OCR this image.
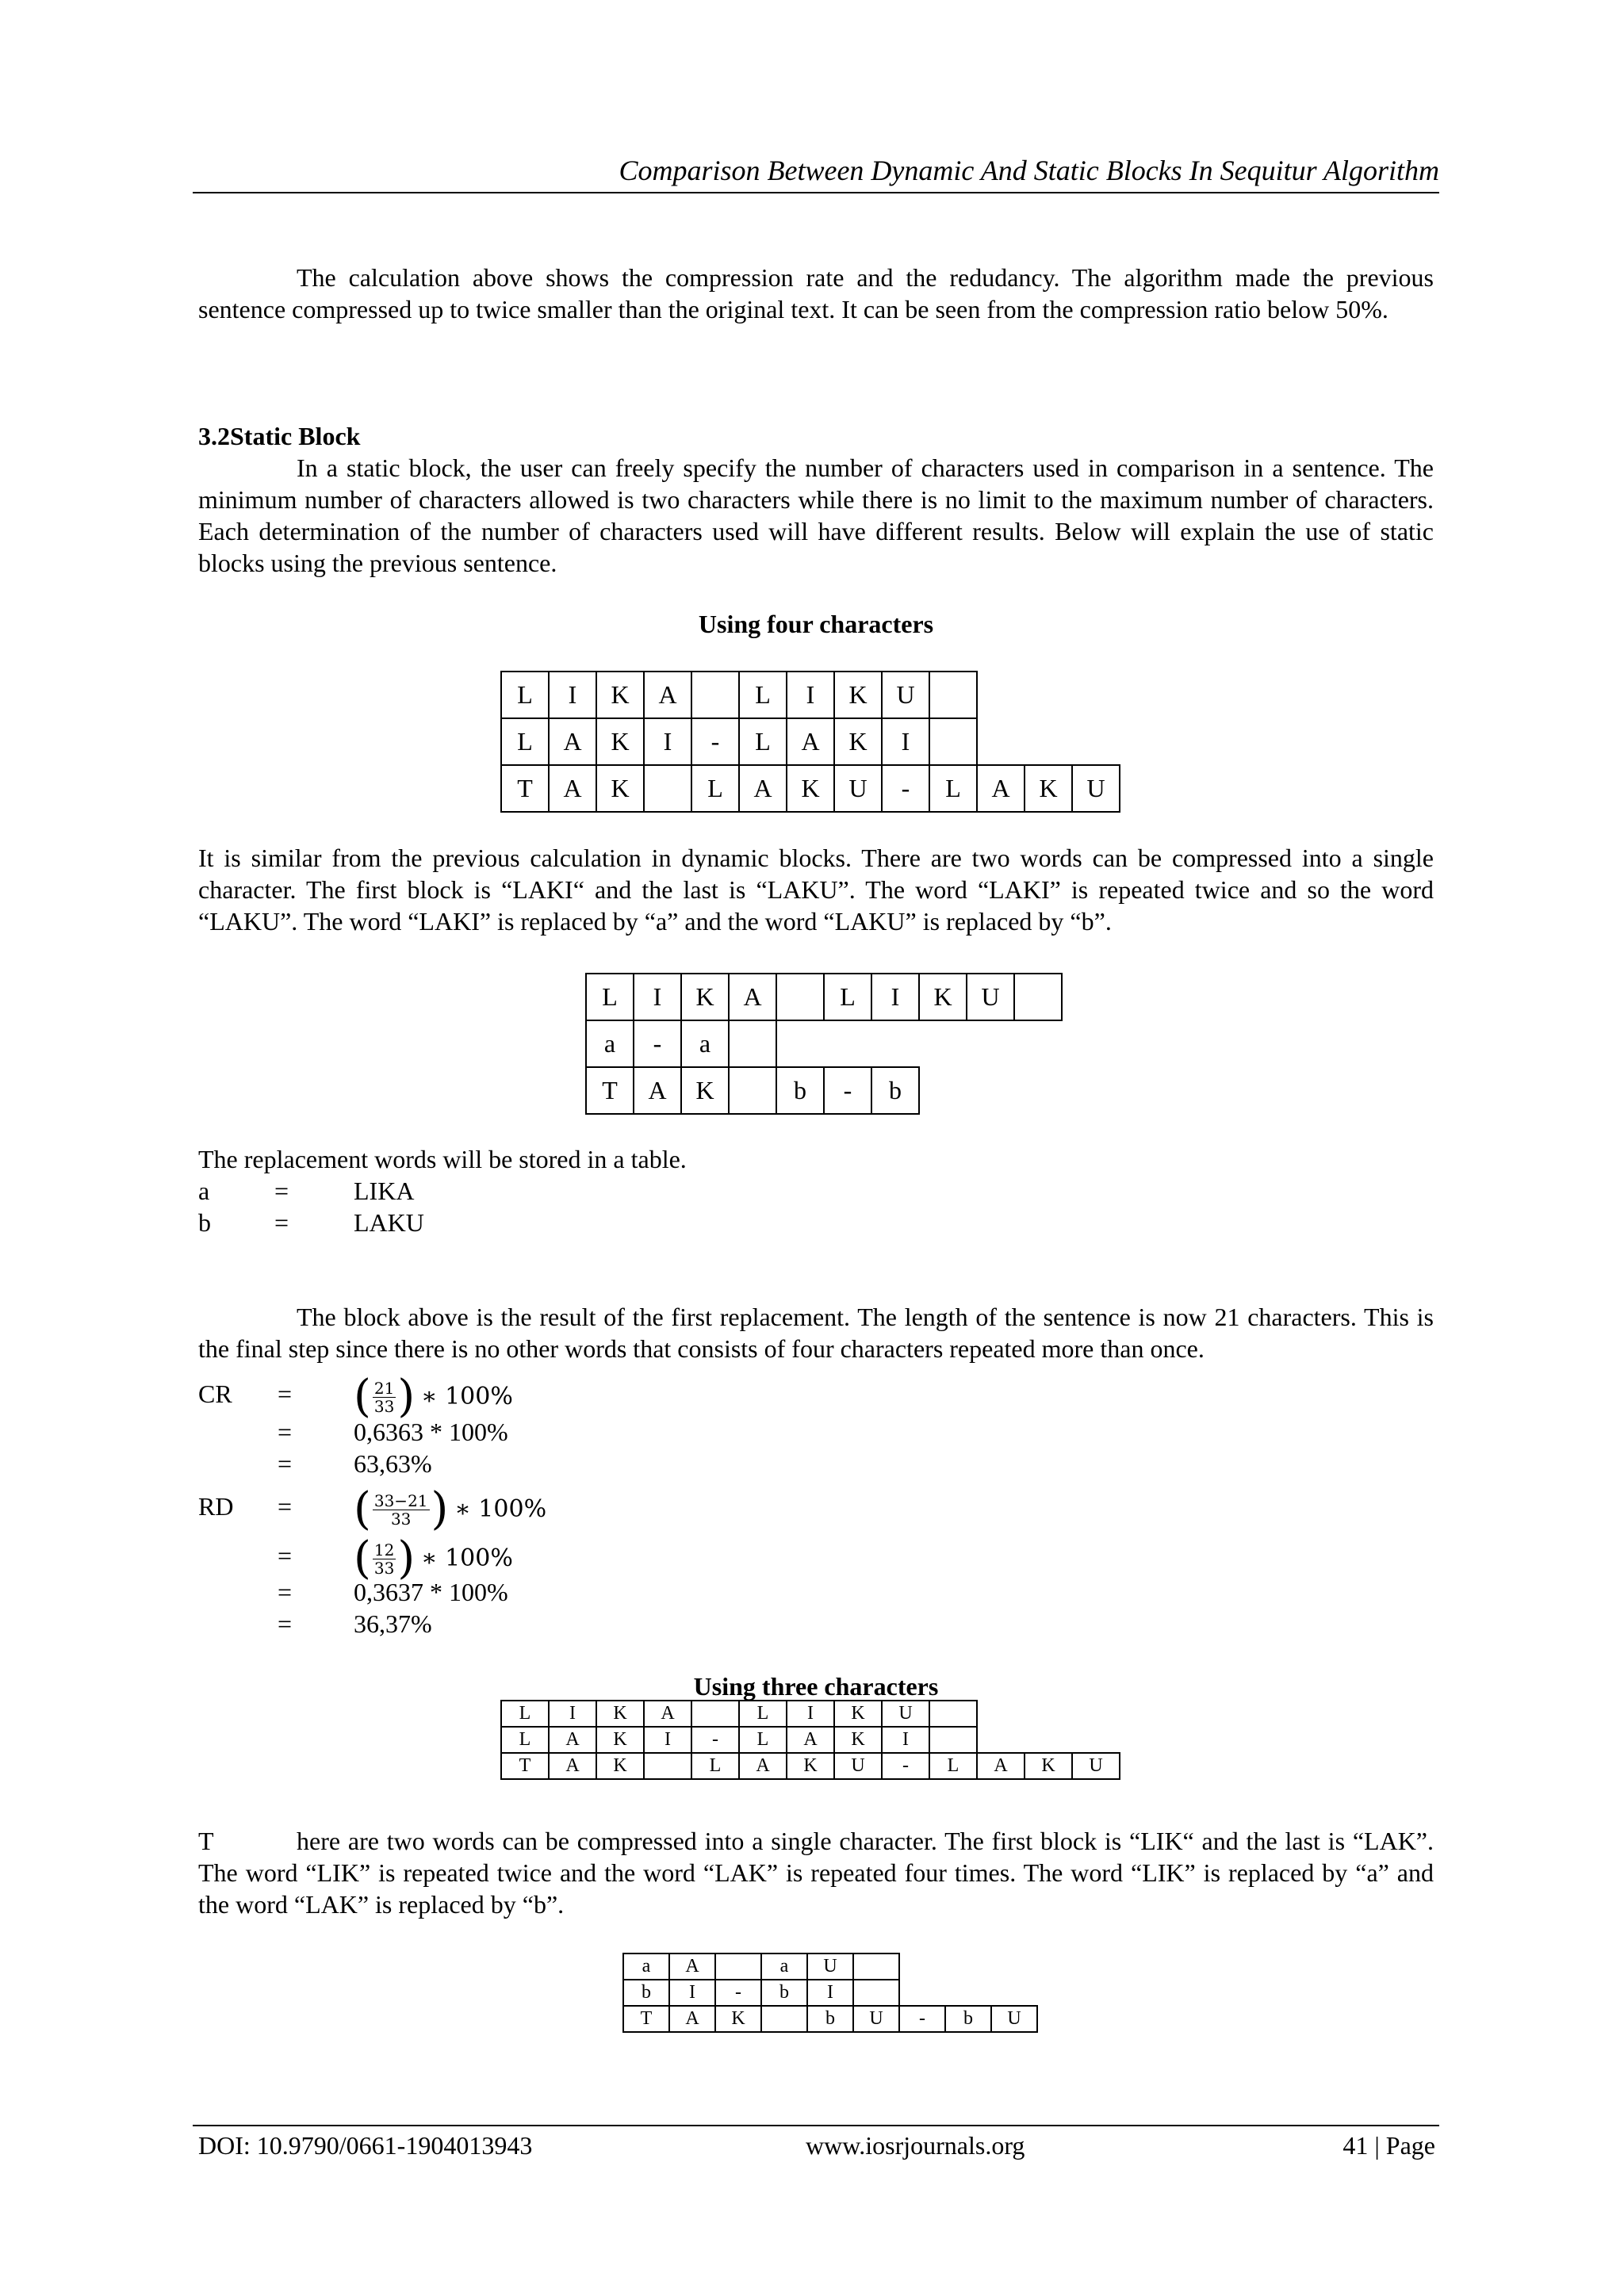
Comparison Between Dynamic And Static Blocks In Sequitur Algorithm

The calculation above shows the compression rate and the redudancy. The algorithm made the previous sentence compressed up to twice smaller than the original text. It can be seen from the compression ratio below 50%.

3.2Static Block

In a static block, the user can freely specify the number of characters used in comparison in a sentence. The minimum number of characters allowed is two characters while there is no limit to the maximum number of characters. Each determination of the number of characters used will have different results. Below will explain the use of static blocks using the previous sentence.

Using four characters
L	I	K	A		L	I	K	U				
L	A	K	I	-	L	A	K	I				
T	A	K		L	A	K	U	-	L	A	K	U

It is similar from the previous calculation in dynamic blocks. There are two words can be compressed into a single character. The first block is “LAKI“ and the last is “LAKU”. The word “LAKI” is repeated twice and so the word “LAKU”. The word “LAKI” is replaced by “a” and the word “LAKU” is replaced by “b”.

L	I	K	A		L	I	K	U	
a	-	a							
T	A	K		b	-	b			

The replacement words will be stored in a table.

a	=	LIKA
b	=	LAKU

The block above is the result of the first replacement. The length of the sentence is now 21 characters. This is the final step since there is no other words that consists of four characters repeated more than once.

CR = ( 21
33 ) ∗ 100%
= 0,6363 * 100%
= 63,63%
RD = ( 33−21
33 ) ∗ 100%
= ( 12
33 ) ∗ 100%
= 0,3637 * 100%
= 36,37%
Using three characters
L	I	K	A		L	I	K	U				
L	A	K	I	-	L	A	K	I				
T	A	K		L	A	K	U	-	L	A	K	U

T	here are two words can be compressed into a single character. The first block is “LIK“ and the last is “LAK”. The word “LIK” is repeated twice and the word “LAK” is repeated four times. The word “LIK” is replaced by “a” and the word “LAK” is replaced by “b”.

a	A		a	U				
b	I	-	b	I				
T	A	K		b	U	-	b	U
DOI: 10.9790/0661-1904013943	www.iosrjournals.org	41 | Page
